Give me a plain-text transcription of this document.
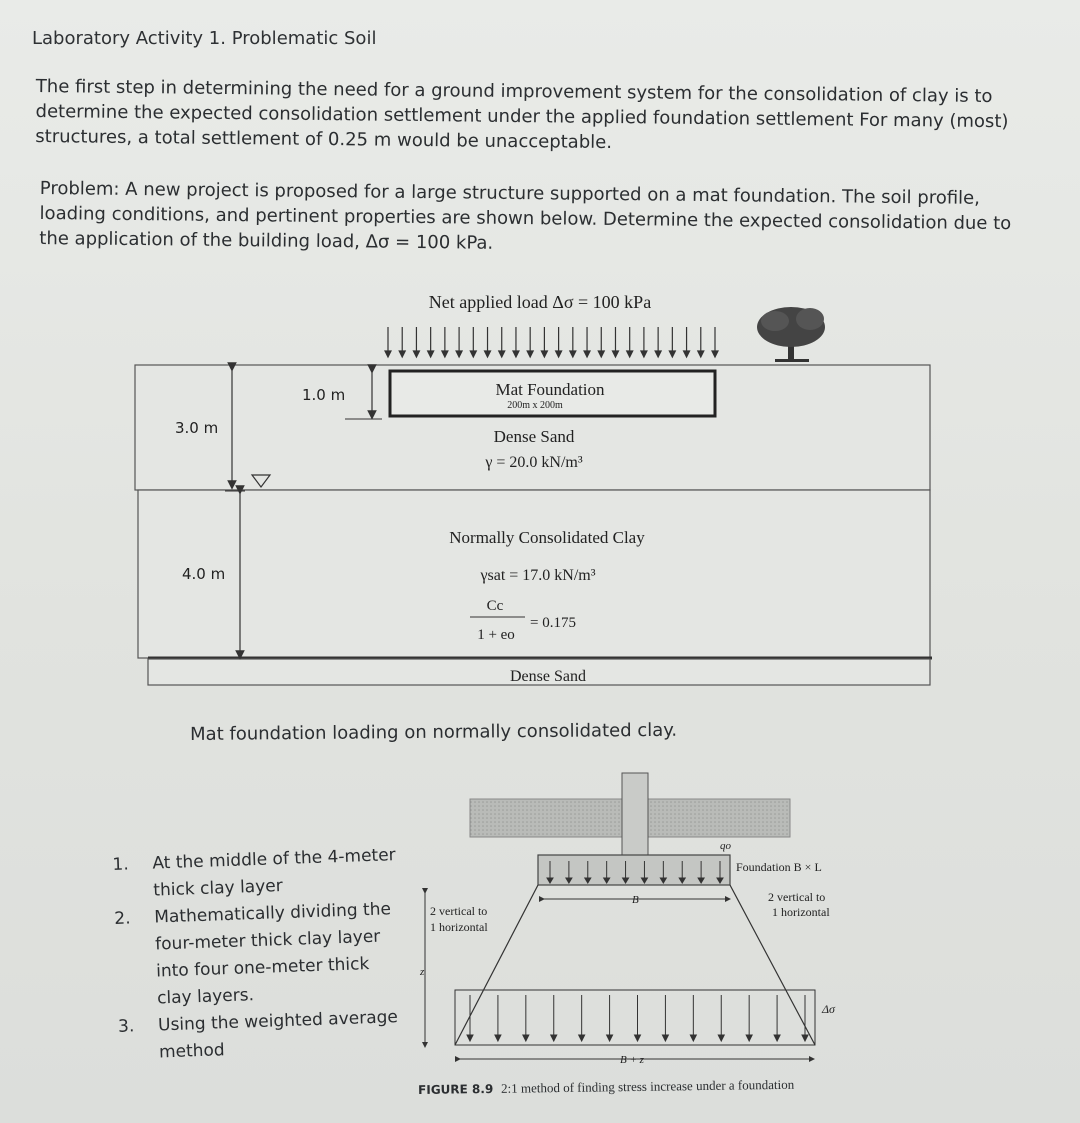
Laboratory Activity 1. Problematic Soil
The first step in determining the need for a ground improvement system for the consolidation of clay is to determine the expected consolidation settlement under the applied foundation settlement For many (most) structures, a total settlement of 0.25 m would be unacceptable.
Problem: A new project is proposed for a large structure supported on a mat foundation. The soil profile, loading conditions, and pertinent properties are shown below. Determine the expected consolidation due to the application of the building load, Δσ = 100 kPa.
Net applied load Δσ = 100 kPa
Mat Foundation
200m x 200m
3.0 m
4.0 m
1.0 m
Dense Sand
γ = 20.0 kN/m³
Normally Consolidated Clay
γsat = 17.0 kN/m³
Cc
1 + eo
= 0.175
Dense Sand
Mat foundation loading on normally consolidated clay.
1. At the middle of the 4-meter thick clay layer
2. Mathematically dividing the four-meter thick clay layer into four one-meter thick clay layers.
3. Using the weighted average method
qo
B
Δσ
B + z
z
Foundation B × L
2 vertical to
1 horizontal
2 vertical to
1 horizontal
FIGURE 8.9 2:1 method of finding stress increase under a foundation
